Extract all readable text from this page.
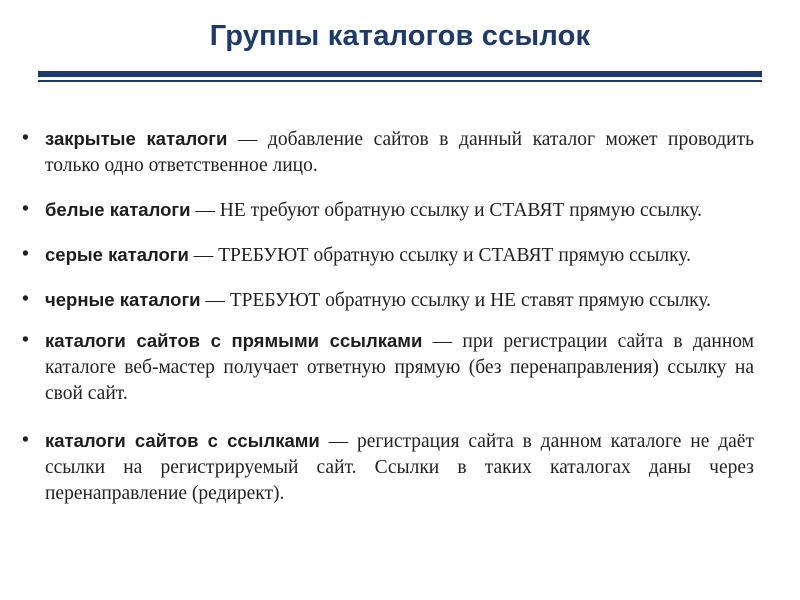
Группы каталогов ссылок
• закрытые каталоги — добавление сайтов в данный каталог может проводить только одно ответственное лицо.
• белые каталоги — НЕ требуют обратную ссылку и СТАВЯТ прямую ссылку.
• серые каталоги — ТРЕБУЮТ обратную ссылку и СТАВЯТ прямую ссылку.
• черные каталоги — ТРЕБУЮТ обратную ссылку и НЕ ставят прямую ссылку.
• каталоги сайтов с прямыми ссылками — при регистрации сайта в данном каталоге веб-мастер получает ответную прямую (без перенаправления) ссылку на свой сайт.
• каталоги сайтов с ссылками — регистрация сайта в данном каталоге не даёт ссылки на регистрируемый сайт. Ссылки в таких каталогах даны через перенаправление (редирект).
